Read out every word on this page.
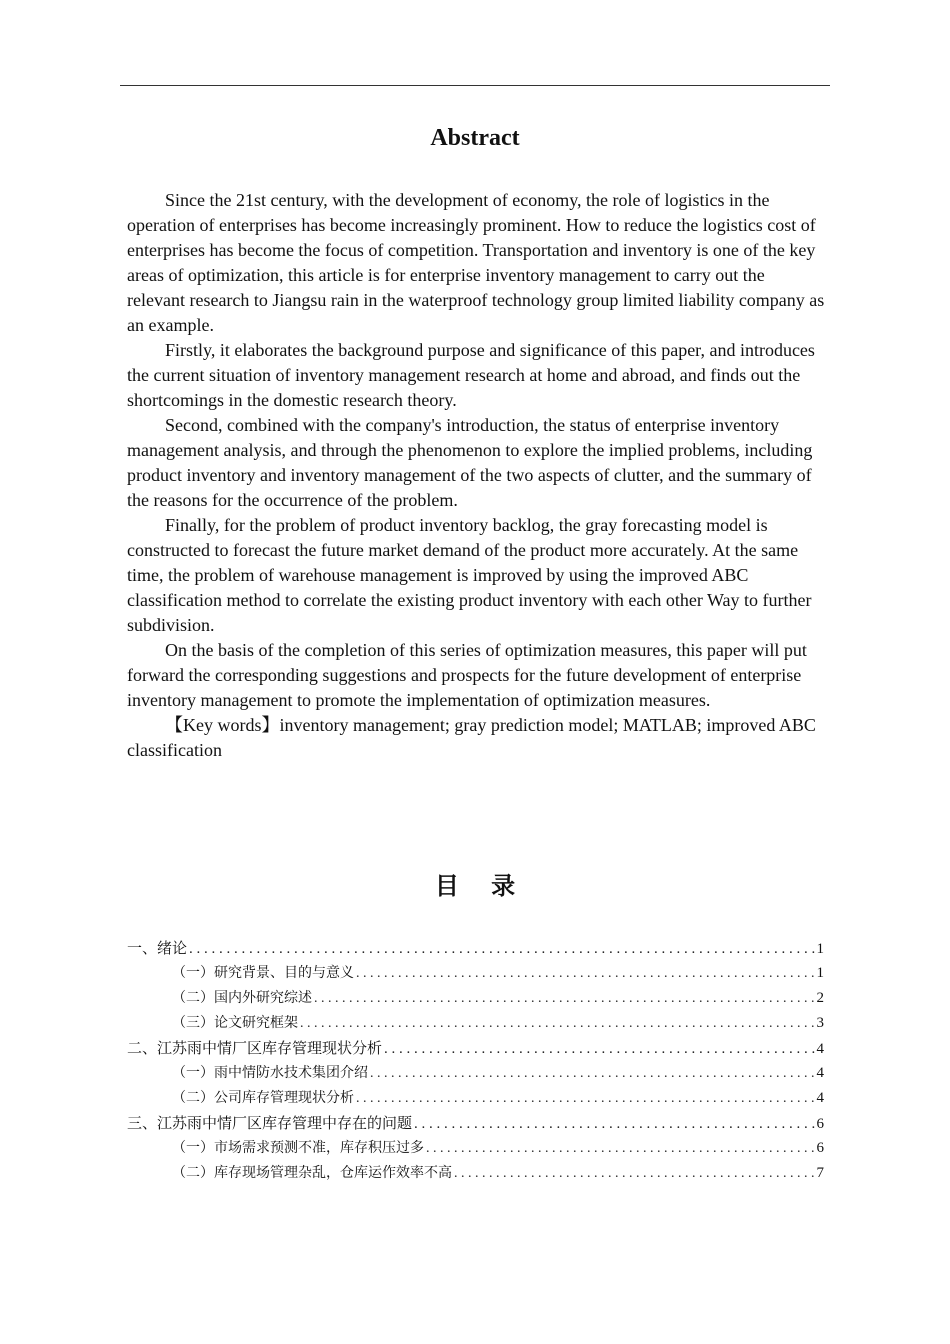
Abstract

Since the 21st century, with the development of economy, the role of logistics in the operation of enterprises has become increasingly prominent. How to reduce the logistics cost of enterprises has become the focus of competition. Transportation and inventory is one of the key areas of optimization, this article is for enterprise inventory management to carry out the relevant research to Jiangsu rain in the waterproof technology group limited liability company as an example.

Firstly, it elaborates the background purpose and significance of this paper, and introduces the current situation of inventory management research at home and abroad, and finds out the shortcomings in the domestic research theory.

Second, combined with the company's introduction, the status of enterprise inventory management analysis, and through the phenomenon to explore the implied problems, including product inventory and inventory management of the two aspects of clutter, and the summary of the reasons for the occurrence of the problem.

Finally, for the problem of product inventory backlog, the gray forecasting model is constructed to forecast the future market demand of the product more accurately. At the same time, the problem of warehouse management is improved by using the improved ABC classification method to correlate the existing product inventory with each other Way to further subdivision.

On the basis of the completion of this series of optimization measures, this paper will put forward the corresponding suggestions and prospects for the future development of enterprise inventory management to promote the implementation of optimization measures.

【Key words】inventory management; gray prediction model; MATLAB; improved ABC classification

目 录
一、绪论 . . .	1
（一）研究背景、目的与意义 . . .	1
（二）国内外研究综述 . . .	2
（三）论文研究框架 . . .	3
二、江苏雨中情厂区库存管理现状分析 . . .	4
（一）雨中情防水技术集团介绍 . . .	4
（二）公司库存管理现状分析 . . .	4
三、江苏雨中情厂区库存管理中存在的问题 . . .	6
（一）市场需求预测不准，库存积压过多 . . .	6
（二）库存现场管理杂乱，仓库运作效率不高 . . .	7
